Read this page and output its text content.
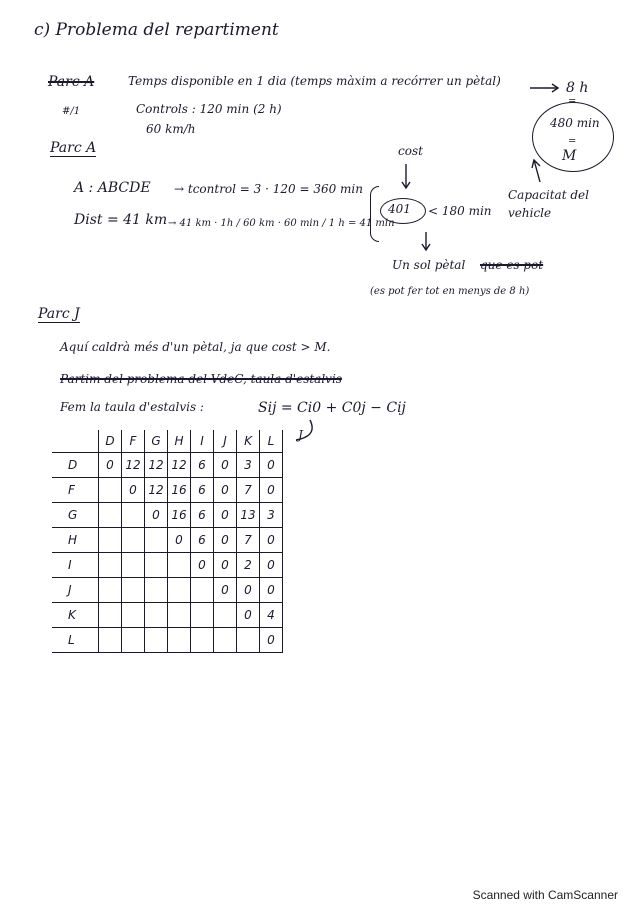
c) Problema del repartiment
Parc A
#/1
Temps disponible en 1 dia (temps màxim a recórrer un pètal)	8 h
Controls : 120 min (2 h)
60 km/h
Parc A	cost
480 min
=
=
M
Capacitat del vehicle
A : ABCDE → tcontrol = 3 · 120 = 360 min
Dist = 41 km → 41 km · 1h / 60 km · 60 min / 1 h = 41 min
401 < 180 min
Un sol pètal que es pot
(es pot fer tot en menys de 8 h)
Parc J
Aquí caldrà més d'un pètal, ja que cost > M.
Partim del problema del VdeC, taula d'estalvis
Fem la taula d'estalvis :	Sij = Ci0 + C0j − Cij
J
	D	F	G	H	I	J	K	L
D	0	12	12	12	6	0	3	0
F		0	12	16	6	0	7	0
G			0	16	6	0	13	3
H				0	6	0	7	0
I					0	0	2	0
J						0	0	0
K							0	4
L								0
Scanned with CamScanner
